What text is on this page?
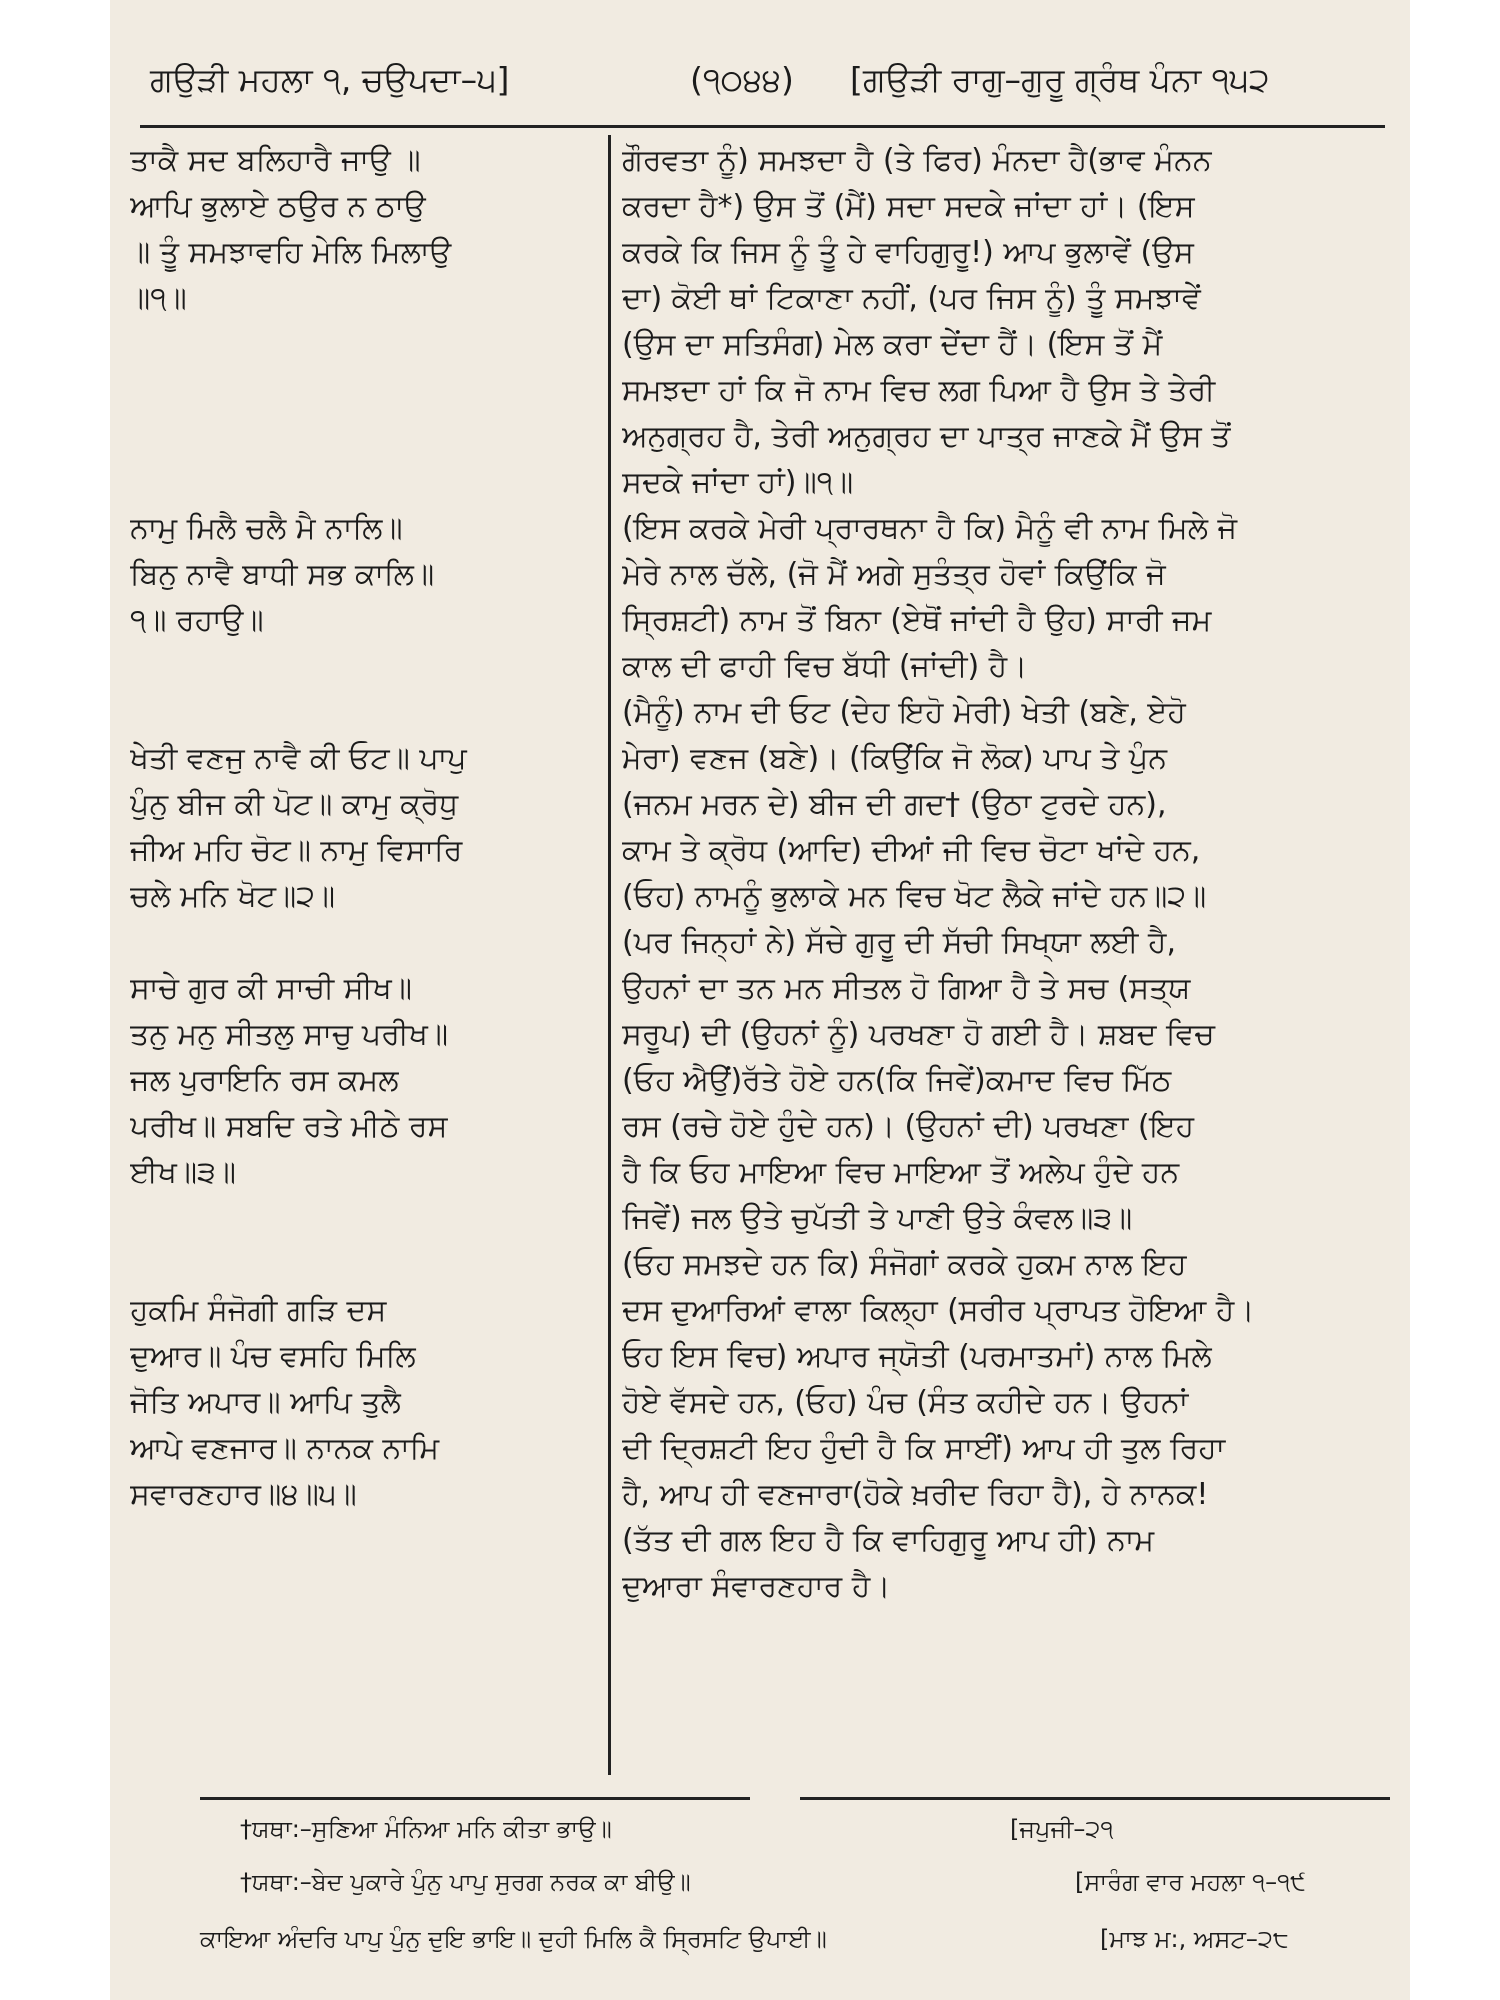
ਗਉੜੀ ਮਹਲਾ ੧, ਚਉਪਦਾ–੫]	(੧੦੪੪) [ਗਉੜੀ ਰਾਗੁ–ਗੁਰੂ ਗ੍ਰੰਥ ਪੰਨਾ ੧੫੨
ਤਾਕੈ ਸਦ ਬਲਿਹਾਰੈ ਜਾਉ ॥
ਆਪਿ ਭੁਲਾਏ ਠਉਰ ਨ ਠਾਉ
॥ ਤੂੰ ਸਮਝਾਵਹਿ ਮੇਲਿ ਮਿਲਾਉ
॥੧॥

ਨਾਮੁ ਮਿਲੈ ਚਲੈ ਮੈ ਨਾਲਿ॥
ਬਿਨੁ ਨਾਵੈ ਬਾਧੀ ਸਭ ਕਾਲਿ॥
੧॥ ਰਹਾਉ॥

ਖੇਤੀ ਵਣਜੁ ਨਾਵੈ ਕੀ ਓਟ॥ ਪਾਪੁ
ਪੁੰਨੁ ਬੀਜ ਕੀ ਪੋਟ॥ ਕਾਮੁ ਕ੍ਰੋਧੁ
ਜੀਅ ਮਹਿ ਚੋਟ॥ ਨਾਮੁ ਵਿਸਾਰਿ
ਚਲੇ ਮਨਿ ਖੋਟ॥੨॥

ਸਾਚੇ ਗੁਰ ਕੀ ਸਾਚੀ ਸੀਖ॥
ਤਨੁ ਮਨੁ ਸੀਤਲੁ ਸਾਚੁ ਪਰੀਖ॥
ਜਲ ਪੁਰਾਇਨਿ ਰਸ ਕਮਲ
ਪਰੀਖ॥ ਸਬਦਿ ਰਤੇ ਮੀਠੇ ਰਸ
ਈਖ॥੩॥

ਹੁਕਮਿ ਸੰਜੋਗੀ ਗੜਿ ਦਸ
ਦੁਆਰ॥ ਪੰਚ ਵਸਹਿ ਮਿਲਿ
ਜੋਤਿ ਅਪਾਰ॥ ਆਪਿ ਤੁਲੈ
ਆਪੇ ਵਣਜਾਰ॥ ਨਾਨਕ ਨਾਮਿ
ਸਵਾਰਣਹਾਰ॥੪॥੫॥
ਗੌਰਵਤਾ ਨੂੰ) ਸਮਝਦਾ ਹੈ (ਤੇ ਫਿਰ) ਮੰਨਦਾ ਹੈ(ਭਾਵ ਮੰਨਨ
ਕਰਦਾ ਹੈ*) ਉਸ ਤੋਂ (ਮੈਂ) ਸਦਾ ਸਦਕੇ ਜਾਂਦਾ ਹਾਂ। (ਇਸ
ਕਰਕੇ ਕਿ ਜਿਸ ਨੂੰ ਤੂੰ ਹੇ ਵਾਹਿਗੁਰੂ!) ਆਪ ਭੁਲਾਵੇਂ (ਉਸ
ਦਾ) ਕੋਈ ਥਾਂ ਟਿਕਾਣਾ ਨਹੀਂ, (ਪਰ ਜਿਸ ਨੂੰ) ਤੂੰ ਸਮਝਾਵੇਂ
(ਉਸ ਦਾ ਸਤਿਸੰਗ) ਮੇਲ ਕਰਾ ਦੇਂਦਾ ਹੈਂ। (ਇਸ ਤੋਂ ਮੈਂ
ਸਮਝਦਾ ਹਾਂ ਕਿ ਜੋ ਨਾਮ ਵਿਚ ਲਗ ਪਿਆ ਹੈ ਉਸ ਤੇ ਤੇਰੀ
ਅਨੁਗ੍ਰਹ ਹੈ, ਤੇਰੀ ਅਨੁਗ੍ਰਹ ਦਾ ਪਾਤ੍ਰ ਜਾਣਕੇ ਮੈਂ ਉਸ ਤੋਂ
ਸਦਕੇ ਜਾਂਦਾ ਹਾਂ)॥੧॥
(ਇਸ ਕਰਕੇ ਮੇਰੀ ਪ੍ਰਾਰਥਨਾ ਹੈ ਕਿ) ਮੈਨੂੰ ਵੀ ਨਾਮ ਮਿਲੇ ਜੋ
ਮੇਰੇ ਨਾਲ ਚੱਲੇ, (ਜੋ ਮੈਂ ਅਗੇ ਸੁਤੰਤ੍ਰ ਹੋਵਾਂ ਕਿਉਂਕਿ ਜੋ
ਸ੍ਰਿਸ਼ਟੀ) ਨਾਮ ਤੋਂ ਬਿਨਾ (ਏਥੋਂ ਜਾਂਦੀ ਹੈ ਉਹ) ਸਾਰੀ ਜਮ
ਕਾਲ ਦੀ ਫਾਹੀ ਵਿਚ ਬੱਧੀ (ਜਾਂਦੀ) ਹੈ।
(ਮੈਨੂੰ) ਨਾਮ ਦੀ ਓਟ (ਦੇਹ ਇਹੋ ਮੇਰੀ) ਖੇਤੀ (ਬਣੇ, ਏਹੋ
ਮੇਰਾ) ਵਣਜ (ਬਣੇ)। (ਕਿਉਂਕਿ ਜੋ ਲੋਕ) ਪਾਪ ਤੇ ਪੁੰਨ
(ਜਨਮ ਮਰਨ ਦੇ) ਬੀਜ ਦੀ ਗਦ† (ਉਠਾ ਟੁਰਦੇ ਹਨ),
ਕਾਮ ਤੇ ਕ੍ਰੋਧ (ਆਦਿ) ਦੀਆਂ ਜੀ ਵਿਚ ਚੋਟਾ ਖਾਂਦੇ ਹਨ,
(ਓਹ) ਨਾਮਨੂੰ ਭੁਲਾਕੇ ਮਨ ਵਿਚ ਖੋਟ ਲੈਕੇ ਜਾਂਦੇ ਹਨ॥੨॥
(ਪਰ ਜਿਨ੍ਹਾਂ ਨੇ) ਸੱਚੇ ਗੁਰੂ ਦੀ ਸੱਚੀ ਸਿਖ੍ਯਾ ਲਈ ਹੈ,
ਉਹਨਾਂ ਦਾ ਤਨ ਮਨ ਸੀਤਲ ਹੋ ਗਿਆ ਹੈ ਤੇ ਸਚ (ਸਤ੍ਯ
ਸਰੂਪ) ਦੀ (ਉਹਨਾਂ ਨੂੰ) ਪਰਖਣਾ ਹੋ ਗਈ ਹੈ। ਸ਼ਬਦ ਵਿਚ
(ਓਹ ਐਉਂ)ਰੱਤੇ ਹੋਏ ਹਨ(ਕਿ ਜਿਵੇਂ)ਕਮਾਦ ਵਿਚ ਮਿੱਠ
ਰਸ (ਰਚੇ ਹੋਏ ਹੁੰਦੇ ਹਨ)। (ਉਹਨਾਂ ਦੀ) ਪਰਖਣਾ (ਇਹ
ਹੈ ਕਿ ਓਹ ਮਾਇਆ ਵਿਚ ਮਾਇਆ ਤੋਂ ਅਲੇਪ ਹੁੰਦੇ ਹਨ
ਜਿਵੇਂ) ਜਲ ਉਤੇ ਚੁਪੱਤੀ ਤੇ ਪਾਣੀ ਉਤੇ ਕੰਵਲ॥੩॥
(ਓਹ ਸਮਝਦੇ ਹਨ ਕਿ) ਸੰਜੋਗਾਂ ਕਰਕੇ ਹੁਕਮ ਨਾਲ ਇਹ
ਦਸ ਦੁਆਰਿਆਂ ਵਾਲਾ ਕਿਲ੍ਹਾ (ਸਰੀਰ ਪ੍ਰਾਪਤ ਹੋਇਆ ਹੈ।
ਓਹ ਇਸ ਵਿਚ) ਅਪਾਰ ਜ੍ਯੋਤੀ (ਪਰਮਾਤਮਾਂ) ਨਾਲ ਮਿਲੇ
ਹੋਏ ਵੱਸਦੇ ਹਨ, (ਓਹ) ਪੰਚ (ਸੰਤ ਕਹੀਦੇ ਹਨ। ਉਹਨਾਂ
ਦੀ ਦ੍ਰਿਸ਼ਟੀ ਇਹ ਹੁੰਦੀ ਹੈ ਕਿ ਸਾਈਂ) ਆਪ ਹੀ ਤੁਲ ਰਿਹਾ
ਹੈ, ਆਪ ਹੀ ਵਣਜਾਰਾ(ਹੋਕੇ ਖ਼ਰੀਦ ਰਿਹਾ ਹੈ), ਹੇ ਨਾਨਕ!
(ਤੱਤ ਦੀ ਗਲ ਇਹ ਹੈ ਕਿ ਵਾਹਿਗੁਰੂ ਆਪ ਹੀ) ਨਾਮ
ਦੁਆਰਾ ਸੰਵਾਰਣਹਾਰ ਹੈ।
†ਯਥਾ:–ਸੁਣਿਆ ਮੰਨਿਆ ਮਨਿ ਕੀਤਾ ਭਾਉ॥	[ਜਪੁਜੀ–੨੧
†ਯਥਾ:–ਬੇਦ ਪੁਕਾਰੇ ਪੁੰਨੁ ਪਾਪੁ ਸੁਰਗ ਨਰਕ ਕਾ ਬੀਉ॥	[ਸਾਰੰਗ ਵਾਰ ਮਹਲਾ ੧–੧੯
ਕਾਇਆ ਅੰਦਰਿ ਪਾਪੁ ਪੁੰਨੁ ਦੁਇ ਭਾਇ॥ ਦੁਹੀ ਮਿਲਿ ਕੈ ਸ੍ਰਿਸਟਿ ਉਪਾਈ॥	[ਮਾਝ ਮ:, ਅਸਟ–੨੮
